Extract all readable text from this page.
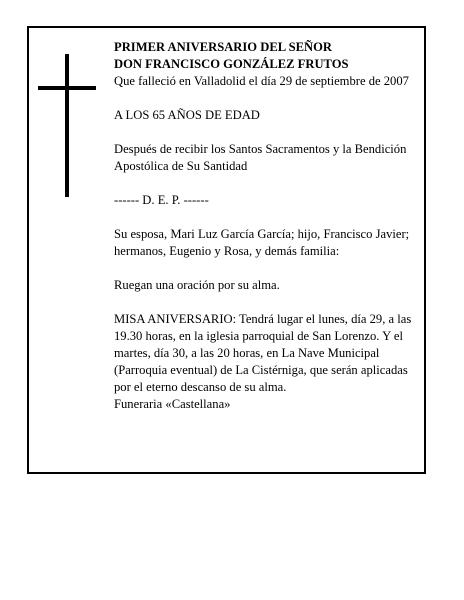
PRIMER ANIVERSARIO DEL SEÑOR

DON FRANCISCO GONZÁLEZ FRUTOS

Que falleció en Valladolid el día 29 de septiembre de 2007

A LOS 65 AÑOS DE EDAD

Después de recibir los Santos Sacramentos y la Bendición Apostólica de Su Santidad

------ D. E. P. ------

Su esposa, Mari Luz García García; hijo, Francisco Javier; hermanos, Eugenio y Rosa, y demás familia:

Ruegan una oración por su alma.

MISA ANIVERSARIO: Tendrá lugar el lunes, día 29, a las 19.30 horas, en la iglesia parroquial de San Lorenzo. Y el martes, día 30, a las 20 horas, en La Nave Municipal (Parroquia eventual) de La Cistérniga, que serán aplicadas por el eterno descanso de su alma.

Funeraria «Castellana»
